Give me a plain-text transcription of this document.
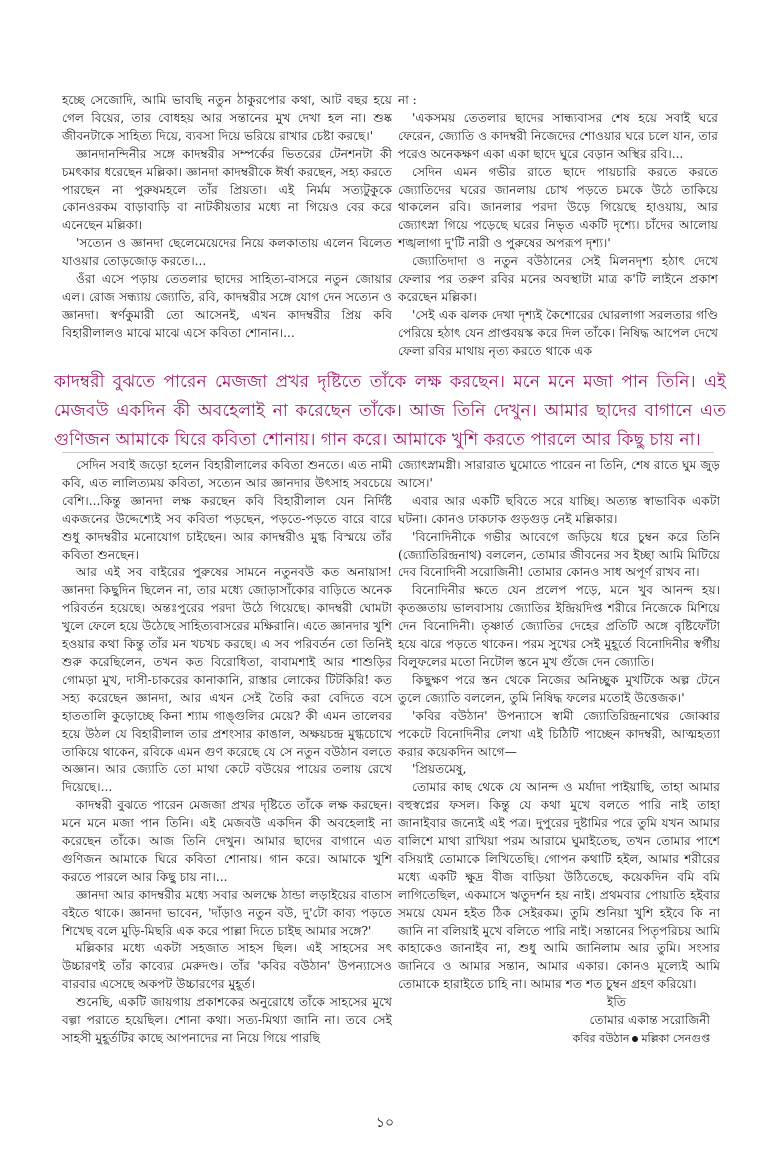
হচ্ছে সেজোদি, আমি ভাবছি নতুন ঠাকুরপোর কথা, আট বছর হয়ে গেল বিয়ের, তার বোধহয় আর সন্তানের মুখ দেখা হল না। শুষ্ক জীবনটাকে সাহিত্য দিয়ে, ব্যবসা দিয়ে ভরিয়ে রাখার চেষ্টা করছে।'

জ্ঞানদানন্দিনীর সঙ্গে কাদম্বরীর সম্পর্কের ভিতরের টেনশনটা কী চমৎকার ধরেছেন মল্লিকা। জ্ঞানদা কাদম্বরীকে ঈর্ষা করছেন, সহ্য করতে পারছেন না পুরুষমহলে তাঁর প্রিয়তা। এই নির্মম সত্যটুকুকে কোনওরকম বাড়াবাড়ি বা নাটকীয়তার মধ্যে না গিয়েও বের করে এনেছেন মল্লিকা।

'সত্যেন ও জ্ঞানদা ছেলেমেয়েদের নিয়ে কলকাতায় এলেন বিলেত যাওয়ার তোড়জোড় করতে।...

ওঁরা এসে পড়ায় তেতলার ছাদের সাহিত্য-বাসরে নতুন জোয়ার এল। রোজ সন্ধ্যায় জ্যোতি, রবি, কাদম্বরীর সঙ্গে যোগ দেন সত্যেন ও জ্ঞানদা। স্বর্ণকুমারী তো আসেনই, এখন কাদম্বরীর প্রিয় কবি বিহারীলালও মাঝে মাঝে এসে কবিতা শোনান।...

না :

'একসময় তেতলার ছাদের সান্ধ্যবাসর শেষ হয়ে সবাই ঘরে ফেরেন, জ্যোতি ও কাদম্বরী নিজেদের শোওয়ার ঘরে চলে যান, তার পরেও অনেকক্ষণ একা একা ছাদে ঘুরে বেড়ান অস্থির রবি।...

সেদিন এমন গভীর রাতে ছাদে পায়চারি করতে করতে জ্যোতিদের ঘরের জানলায় চোখ পড়তে চমকে উঠে তাকিয়ে থাকলেন রবি। জানলার পরদা উড়ে গিয়েছে হাওয়ায়, আর জ্যোৎস্না গিয়ে পড়েছে ঘরের নিভৃত একটি দৃশ্যে। চাঁদের আলোয় শঙ্খলাগা দু'টি নারী ও পুরুষের অপরূপ দৃশ্য।'

জ্যোতিদাদা ও নতুন বউঠানের সেই মিলনদৃশ্য হঠাৎ দেখে ফেলার পর তরুণ রবির মনের অবস্থাটা মাত্র ক'টি লাইনে প্রকাশ করেছেন মল্লিকা।

'সেই এক ঝলক দেখা দৃশ্যই কৈশোরের ঘোরলাগা সরলতার গণ্ডি পেরিয়ে হঠাৎ যেন প্রাপ্তবয়স্ক করে দিল তাঁকে। নিষিদ্ধ আপেল দেখে ফেলা রবির মাথায় নৃত্য করতে থাকে এক

কাদম্বরী বুঝতে পারেন মেজজা প্রখর দৃষ্টিতে তাঁকে লক্ষ করছেন। মনে মনে মজা পান তিনি। এই মেজবউ একদিন কী অবহেলাই না করেছেন তাঁকে। আজ তিনি দেখুন। আমার ছাদের বাগানে এত গুণিজন আমাকে ঘিরে কবিতা শোনায়। গান করে। আমাকে খুশি করতে পারলে আর কিছু চায় না।

সেদিন সবাই জড়ো হলেন বিহারীলালের কবিতা শুনতে। এত নামী কবি, এত লালিত্যময় কবিতা, সত্যেন আর জ্ঞানদার উৎসাহ সবচেয়ে বেশি।...কিন্তু জ্ঞানদা লক্ষ করছেন কবি বিহারীলাল যেন নির্দিষ্ট একজনের উদ্দেশ্যেই সব কবিতা পড়ছেন, পড়তে-পড়তে বারে বারে শুধু কাদম্বরীর মনোযোগ চাইছেন। আর কাদম্বরীও মুগ্ধ বিস্ময়ে তাঁর কবিতা শুনছেন।

আর এই সব বাইরের পুরুষের সামনে নতুনবউ কত অনায়াস! জ্ঞানদা কিছুদিন ছিলেন না, তার মধ্যে জোড়াসাঁকোর বাড়িতে অনেক পরিবর্তন হয়েছে। অন্তঃপুরের পরদা উঠে গিয়েছে। কাদম্বরী ঘোমটা খুলে ফেলে হয়ে উঠেছে সাহিত্যবাসরের মক্ষিরানি। এতে জ্ঞানদার খুশি হওয়ার কথা কিন্তু তাঁর মন খচখচ করছে। এ সব পরিবর্তন তো তিনিই শুরু করেছিলেন, তখন কত বিরোধিতা, বাবামশাই আর শাশুড়ির গোমড়া মুখ, দাসী-চাকরের কানাকানি, রাস্তার লোকের টিটকিরি! কত সহ্য করেছেন জ্ঞানদা, আর এখন সেই তৈরি করা বেদিতে বসে হাততালি কুড়োচ্ছে কিনা শ্যাম গাঙ্গুলির মেয়ে? কী এমন তালেবর হয়ে উঠল যে বিহারীলাল তার প্রশংসার কাঙাল, অক্ষয়চন্দ্র মুগ্ধচোখে তাকিয়ে থাকেন, রবিকে এমন গুণ করেছে যে সে নতুন বউঠান বলতে অজ্ঞান। আর জ্যোতি তো মাথা কেটে বউয়ের পায়ের তলায় রেখে দিয়েছে।...

কাদম্বরী বুঝতে পারেন মেজজা প্রখর দৃষ্টিতে তাঁকে লক্ষ করছেন। মনে মনে মজা পান তিনি। এই মেজবউ একদিন কী অবহেলাই না করেছেন তাঁকে। আজ তিনি দেখুন। আমার ছাদের বাগানে এত গুণিজন আমাকে ঘিরে কবিতা শোনায়। গান করে। আমাকে খুশি করতে পারলে আর কিছু চায় না।...

জ্ঞানদা আর কাদম্বরীর মধ্যে সবার অলক্ষে ঠান্ডা লড়াইয়ের বাতাস বইতে থাকে। জ্ঞানদা ভাবেন, 'দাঁড়াও নতুন বউ, দু'টো কাব্য পড়তে শিখেছ বলে মুড়ি-মিছরি এক করে পাল্লা দিতে চাইছ আমার সঙ্গে?'

মল্লিকার মধ্যে একটা সহজাত সাহস ছিল। এই সাহসের সৎ উচ্চারণই তাঁর কাব্যের মেরুদণ্ড। তাঁর 'কবির বউঠান' উপন্যাসেও বারবার এসেছে অকপট উচ্চারণের মুহূর্ত।

শুনেছি, একটি জায়গায় প্রকাশকের অনুরোধে তাঁকে সাহসের মুখে বল্গা পরাতে হয়েছিল। শোনা কথা। সত্য-মিথ্যা জানি না। তবে সেই সাহসী মুহূর্তটির কাছে আপনাদের না নিয়ে গিয়ে পারছি

জ্যোৎস্নামগ্নী। সারারাত ঘুমোতে পারেন না তিনি, শেষ রাতে ঘুম জুড় আসে।'

এবার আর একটি ছবিতে সরে যাচ্ছি। অত্যন্ত স্বাভাবিক একটা ঘটনা। কোনও ঢাকঢাক গুড়গুড় নেই মল্লিকার।

'বিনোদিনীকে গভীর আবেগে জড়িয়ে ধরে চুম্বন করে তিনি (জ্যোতিরিন্দ্রনাথ) বললেন, তোমার জীবনের সব ইচ্ছা আমি মিটিয়ে দেব বিনোদিনী সরোজিনী! তোমার কোনও সাধ অপূর্ণ রাখব না।

বিনোদিনীর ক্ষতে যেন প্রলেপ পড়ে, মনে খুব আনন্দ হয়। কৃতজ্ঞতায় ভালবাসায় জ্যোতির ইন্দ্রিয়দিপ্ত শরীরে নিজেকে মিশিয়ে দেন বিনোদিনী। তৃষ্ণার্ত জ্যোতির দেহের প্রতিটি অঙ্গে বৃষ্টিফোঁটা হয়ে ঝরে পড়তে থাকেন। পরম সুখের সেই মুহূর্তে বিনোদিনীর স্বর্গীয় বিলুফলের মতো নিটোল স্তনে মুখ গুঁজে দেন জ্যোতি।

কিছুক্ষণ পরে স্তন থেকে নিজের অনিচ্ছুক মুখটিকে অল্প টেনে তুলে জ্যোতি বললেন, তুমি নিষিদ্ধ ফলের মতোই উত্তেজক।'

'কবির বউঠান' উপন্যাসে স্বামী জ্যোতিরিন্দ্রনাথের জোব্বার পকেটে বিনোদিনীর লেখা এই চিঠিটি পাচ্ছেন কাদম্বরী, আত্মহত্যা করার কয়েকদিন আগে—

'প্রিয়তমেষু,

তোমার কাছ থেকে যে আনন্দ ও মর্যাদা পাইয়াছি, তাহা আমার বহুস্বপ্নের ফসল। কিন্তু যে কথা মুখে বলতে পারি নাই তাহা জানাইবার জন্যেই এই পত্র। দুপুরের দুষ্টামির পরে তুমি যখন আমার বালিশে মাথা রাখিয়া পরম আরামে ঘুমাইতেছ, তখন তোমার পাশে বসিয়াই তোমাকে লিখিতেছি। গোপন কথাটি হইল, আমার শরীরের মধ্যে একটি ক্ষুদ্র বীজ বাড়িয়া উঠিতেছে, কয়েকদিন বমি বমি লাগিতেছিল, একমাসে ঋতুদর্শন হয় নাই। প্রথমবার পোয়াতি হইবার সময়ে যেমন হইত ঠিক সেইরকম। তুমি শুনিয়া খুশি হইবে কি না জানি না বলিয়াই মুখে বলিতে পারি নাই। সন্তানের পিতৃপরিচয় আমি কাহাকেও জানাইব না, শুধু আমি জানিলাম আর তুমি। সংসার জানিবে ও আমার সন্তান, আমার একার। কোনও মূল্যেই আমি তোমাকে হারাইতে চাহি না। আমার শত শত চুম্বন গ্রহণ করিয়ো।

ইতি

তোমার একান্ত সরোজিনী

কবির বউঠান মল্লিকা সেনগুপ্ত

১০
